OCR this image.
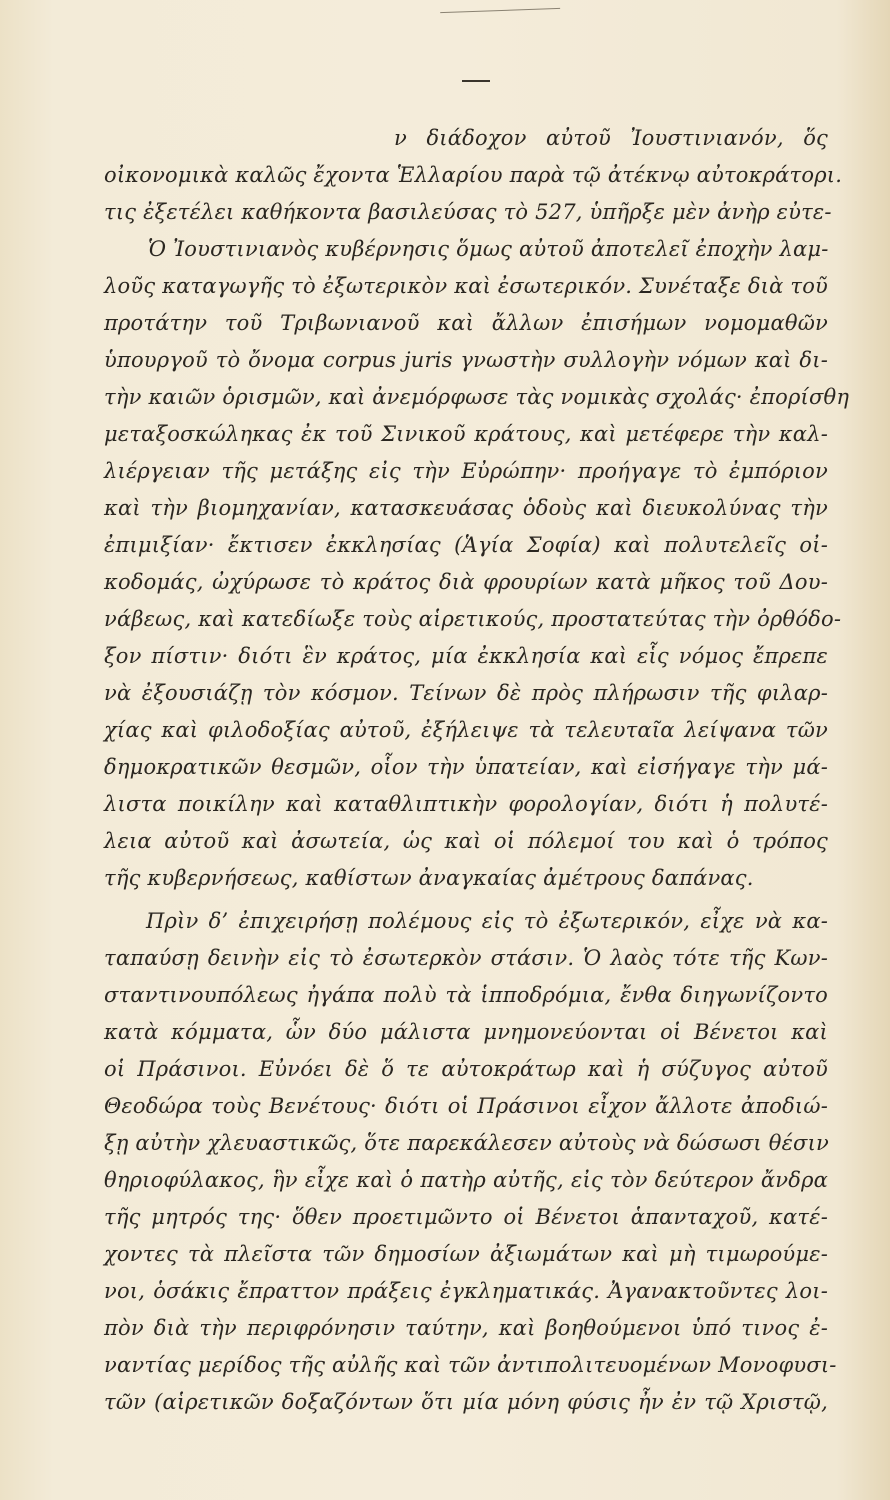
ν διάδοχον αὐτοῦ Ἰουστινιανόν, ὅς
οἰκονομικὰ καλῶς ἔχοντα Ἑλλαρίου παρὰ τῷ ἀτέκνῳ αὐτοκράτορι.
τις ἐξετέλει καθήκοντα βασιλεύσας τὸ 527, ὑπῆρξε μὲν ἀνὴρ εὐτε-
Ὁ Ἰουστινιανὸς κυβέρνησις ὅμως αὐτοῦ ἀποτελεῖ ἐποχὴν λαμ-
λοῦς καταγωγῆς τὸ ἐξωτερικὸν καὶ ἐσωτερικόν. Συνέταξε διὰ τοῦ
προτάτην τοῦ Τριβωνιανοῦ καὶ ἄλλων ἐπισήμων νομομαθῶν
ὑπουργοῦ τὸ ὄνομα corpus juris γνωστὴν συλλογὴν νόμων καὶ δι-
τὴν καιῶν ὁρισμῶν, καὶ ἀνεμόρφωσε τὰς νομικὰς σχολάς· ἐπορίσθη
μεταξοσκώληκας ἐκ τοῦ Σινικοῦ κράτους, καὶ μετέφερε τὴν καλ-
λιέργειαν τῆς μετάξης εἰς τὴν Εὐρώπην· προήγαγε τὸ ἐμπόριον
καὶ τὴν βιομηχανίαν, κατασκευάσας ὁδοὺς καὶ διευκολύνας τὴν
ἐπιμιξίαν· ἔκτισεν ἐκκλησίας (Ἁγία Σοφία) καὶ πολυτελεῖς οἰ-
κοδομάς, ὠχύρωσε τὸ κράτος διὰ φρουρίων κατὰ μῆκος τοῦ Δου-
νάβεως, καὶ κατεδίωξε τοὺς αἱρετικούς, προστατεύτας τὴν ὀρθόδο-
ξον πίστιν· διότι ἓν κράτος, μία ἐκκλησία καὶ εἷς νόμος ἔπρεπε
νὰ ἐξουσιάζῃ τὸν κόσμον. Τείνων δὲ πρὸς πλήρωσιν τῆς φιλαρ-
χίας καὶ φιλοδοξίας αὐτοῦ, ἐξήλειψε τὰ τελευταῖα λείψανα τῶν
δημοκρατικῶν θεσμῶν, οἷον τὴν ὑπατείαν, καὶ εἰσήγαγε τὴν μά-
λιστα ποικίλην καὶ καταθλιπτικὴν φορολογίαν, διότι ἡ πολυτέ-
λεια αὐτοῦ καὶ ἀσωτεία, ὡς καὶ οἱ πόλεμοί του καὶ ὁ τρόπος
τῆς κυβερνήσεως, καθίστων ἀναγκαίας ἀμέτρους δαπάνας.
Πρὶν δ’ ἐπιχειρήσῃ πολέμους εἰς τὸ ἐξωτερικόν, εἶχε νὰ κα-
ταπαύσῃ δεινὴν εἰς τὸ ἐσωτερκὸν στάσιν. Ὁ λαὸς τότε τῆς Κων-
σταντινουπόλεως ἠγάπα πολὺ τὰ ἱπποδρόμια, ἔνθα διηγωνίζοντο
κατὰ κόμματα, ὧν δύο μάλιστα μνημονεύονται οἱ Βένετοι καὶ
οἱ Πράσινοι. Εὐνόει δὲ ὅ τε αὐτοκράτωρ καὶ ἡ σύζυγος αὐτοῦ
Θεοδώρα τοὺς Βενέτους· διότι οἱ Πράσινοι εἶχον ἄλλοτε ἀποδιώ-
ξῃ αὐτὴν χλευαστικῶς, ὅτε παρεκάλεσεν αὐτοὺς νὰ δώσωσι θέσιν
θηριοφύλακος, ἣν εἶχε καὶ ὁ πατὴρ αὐτῆς, εἰς τὸν δεύτερον ἄνδρα
τῆς μητρός της· ὅθεν προετιμῶντο οἱ Βένετοι ἁπανταχοῦ, κατέ-
χοντες τὰ πλεῖστα τῶν δημοσίων ἀξιωμάτων καὶ μὴ τιμωρούμε-
νοι, ὁσάκις ἔπραττον πράξεις ἐγκληματικάς. Ἀγανακτοῦντες λοι-
πὸν διὰ τὴν περιφρόνησιν ταύτην, καὶ βοηθούμενοι ὑπό τινος ἐ-
ναντίας μερίδος τῆς αὐλῆς καὶ τῶν ἀντιπολιτευομένων Μονοφυσι-
τῶν (αἱρετικῶν δοξαζόντων ὅτι μία μόνη φύσις ἦν ἐν τῷ Χριστῷ,
